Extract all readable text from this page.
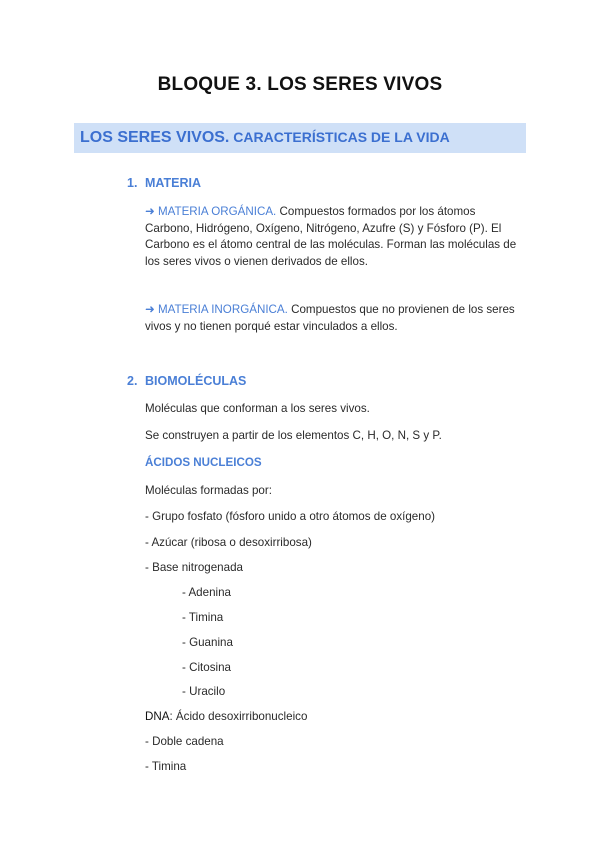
BLOQUE 3. LOS SERES VIVOS
LOS SERES VIVOS. CARACTERÍSTICAS DE LA VIDA
1. MATERIA
➜ MATERIA ORGÁNICA. Compuestos formados por los átomos Carbono, Hidrógeno, Oxígeno, Nitrógeno, Azufre (S) y Fósforo (P). El Carbono es el átomo central de las moléculas. Forman las moléculas de los seres vivos o vienen derivados de ellos.
➜ MATERIA INORGÁNICA. Compuestos que no provienen de los seres vivos y no tienen porqué estar vinculados a ellos.
2. BIOMOLÉCULAS
Moléculas que conforman a los seres vivos.
Se construyen a partir de los elementos C, H, O, N, S y P.
ÁCIDOS NUCLEICOS
Moléculas formadas por:
- Grupo fosfato (fósforo unido a otro átomos de oxígeno)
- Azúcar (ribosa o desoxirribosa)
- Base nitrogenada
- Adenina
- Timina
- Guanina
- Citosina
- Uracilo
DNA: Ácido desoxirribonucleico
- Doble cadena
- Timina
